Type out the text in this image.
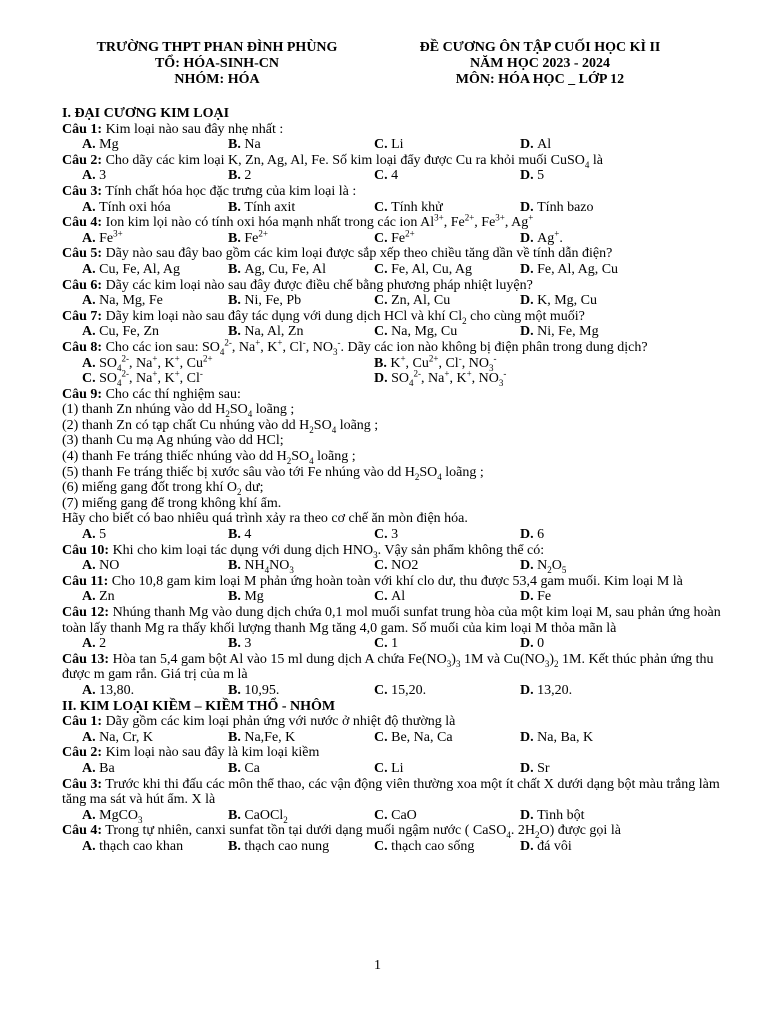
TRƯỜNG THPT PHAN ĐÌNH PHÙNG
TỔ: HÓA-SINH-CN
NHÓM: HÓA
ĐỀ CƯƠNG ÔN TẬP CUỐI HỌC KÌ II
NĂM HỌC 2023 - 2024
MÔN: HÓA HỌC _ LỚP 12
I. ĐẠI CƯƠNG KIM LOẠI
Câu 1: Kim loại nào sau đây nhẹ nhất :
A. Mg	B. Na	C. Li	D. Al
Câu 2: Cho dãy các kim loại K, Zn, Ag, Al, Fe. Số kim loại đẩy được Cu ra khỏi muối CuSO$_4$ là
A. 3	B. 2	C. 4	D. 5
Câu 3: Tính chất hóa học đặc trưng của kim loại là :
A. Tính oxi hóa	B. Tính axit	C. Tính khử	D. Tính bazo
Câu 4: Ion kim lọi nào có tính oxi hóa mạnh nhất trong các ion $Al^{3+}$, $Fe^{2+}$, $Fe^{3+}$, Ag+
A. $Fe^{3+}$	B. $Fe^{2+}$	C. $Fe^{2+}$	D. Ag+.
Câu 5: Dãy nào sau đây bao gồm các kim loại được sắp xếp theo chiều tăng dần về tính dẫn điện?
A. Cu, Fe, Al, Ag	B. Ag, Cu, Fe, Al	C. Fe, Al, Cu, Ag	D. Fe, Al, Ag, Cu
Câu 6: Dãy các kim loại nào sau đây được điều chế bằng phương pháp nhiệt luyện?
A. Na, Mg, Fe	B. Ni, Fe, Pb	C. Zn, Al, Cu	D. K, Mg, Cu
Câu 7: Dãy kim loại nào sau đây tác dụng với dung dịch HCl và khí $Cl_2$ cho cùng một muối?
A. Cu, Fe, Zn	B. Na, Al, Zn	C. Na, Mg, Cu	D. Ni, Fe, Mg
Câu 8: Cho các ion sau: $SO_4^{2-}$, Na+, K+, Cl-, $NO_3^-$. Dãy các ion nào không bị điện phân trong dung dịch?
A. $SO_4^{2-}$, Na+, K+, $Cu^{2+}$	B. K+, $Cu^{2+}$, Cl-, $NO_3^-$
C. $SO_4^{2-}$, Na+, K+, Cl-	D. $SO_4^{2-}$, Na+, K+, $NO_3^-$
Câu 9: Cho các thí nghiệm sau:
(1) thanh Zn nhúng vào dd $H_2SO_4$ loãng ;
(2) thanh Zn có tạp chất Cu nhúng vào dd $H_2SO_4$ loãng ;
(3) thanh Cu mạ Ag nhúng vào dd HCl;
(4) thanh Fe tráng thiếc nhúng vào dd $H_2SO_4$ loãng ;
(5) thanh Fe tráng thiếc bị xước sâu vào tới Fe nhúng vào dd $H_2SO_4$ loãng ;
(6) miếng gang đốt trong khí $O_2$ dư;
(7) miếng gang để trong không khí ẩm.
Hãy cho biết có bao nhiêu quá trình xảy ra theo cơ chế ăn mòn điện hóa.
A. 5	B. 4	C. 3	D. 6
Câu 10: Khi cho kim loại tác dụng với dung dịch $HNO_3$. Vậy sản phẩm không thể có:
A. NO	B. $NH_4NO_3$	C. NO2	D. $N_2O_5$
Câu 11: Cho 10,8 gam kim loại M phản ứng hoàn toàn với khí clo dư, thu được 53,4 gam muối. Kim loại M là
A. Zn	B. Mg	C. Al	D. Fe
Câu 12: Nhúng thanh Mg vào dung dịch chứa 0,1 mol muối sunfat trung hòa của một kim loại M, sau phản ứng hoàn toàn lấy thanh Mg ra thấy khối lượng thanh Mg tăng 4,0 gam. Số muối của kim loại M thỏa mãn là
A. 2	B. 3	C. 1	D. 0
Câu 13: Hòa tan 5,4 gam bột Al vào 15 ml dung dịch A chứa $Fe(NO_3)_3$ 1M và $Cu(NO_3)_2$ 1M. Kết thúc phản ứng thu được m gam rắn. Giá trị của m là
A. 13,80.	B. 10,95.	C. 15,20.	D. 13,20.
II. KIM LOẠI KIỀM – KIỀM THỔ - NHÔM
Câu 1: Dãy gồm các kim loại phản ứng với nước ở nhiệt độ thường là
A. Na, Cr, K	B. Na,Fe, K	C. Be, Na, Ca	D. Na, Ba, K
Câu 2: Kim loại nào sau đây là kim loại kiềm
A. Ba	B. Ca	C. Li	D. Sr
Câu 3: Trước khi thi đấu các môn thể thao, các vận động viên thường xoa một ít chất X dưới dạng bột màu trắng làm tăng ma sát và hút ẩm. X là
A. MgCO$_3$	B. CaOCl$_2$	C. CaO	D. Tinh bột
Câu 4: Trong tự nhiên, canxi sunfat tồn tại dưới dạng muối ngậm nước ( CaSO$_4$. $2H_2O$) được gọi là
A. thạch cao khan	B. thạch cao nung	C. thạch cao sống	D. đá vôi
1
